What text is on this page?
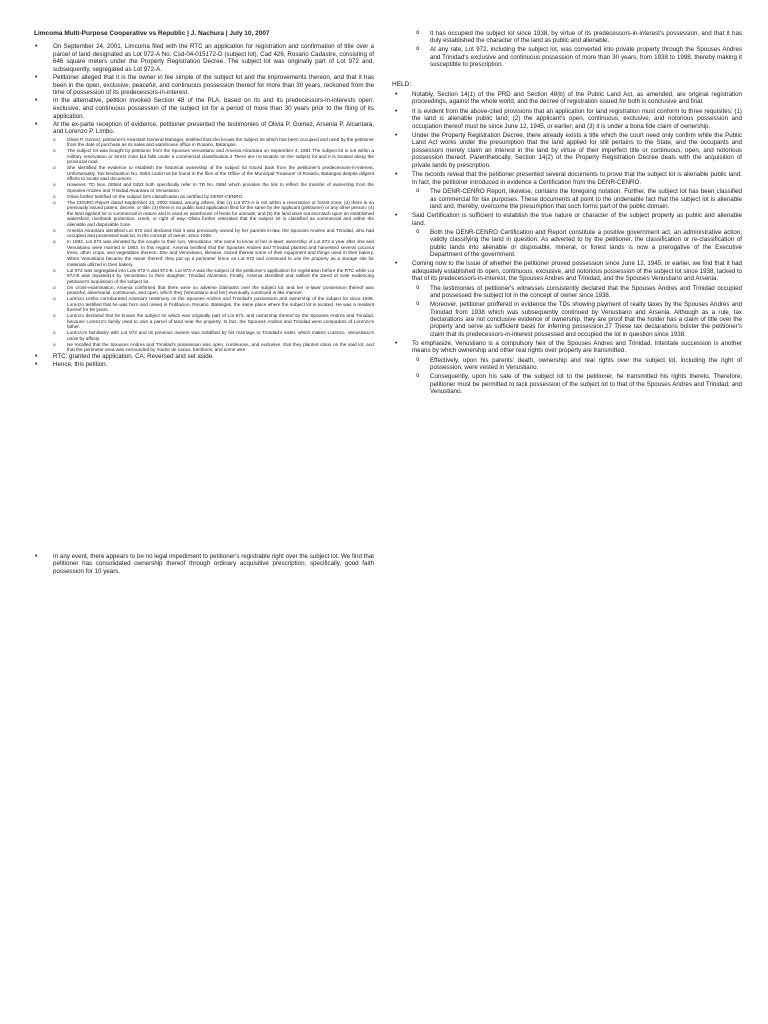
Limcoma Multi-Purpose Cooperative vs Republic | J. Nachura | July 10, 2007
• On September 24, 2001, Limcoma filed with the RTC an application for registration and confirmation of title over a parcel of land designated as Lot 972-A No. Csd-04-015172-D (subject lot), Cad 426, Rosario Cadastre, consisting of 646 square meters under the Property Registration Decree. The subject lot was originally part of Lot 972 and, subsequently, segregated as Lot 972-A.
• Petitioner alleged that it is the owner in fee simple of the subject lot and the improvements thereon, and that it has been in the open, exclusive, peaceful, and continuous possession thereof for more than 30 years, reckoned from the time of possession of its predecessors-in-interest.
• In the alternative, petition invoked Section 48 of the PLA, based on its and its predecessors-in-interests open, exclusive, and continuous possession of the subject lot for a period of more than 30 years prior to the filing of its application.
• At the ex-parte reception of evidence, petitioner presented the testimonies of Olivia P. Gomez, Arsenia P. Alcantara, and Lorenzo P. Limbo.
o Olivia P. Gomez, petitioner's Assistant General Manager, testified that she knows the subject lot which has been occupied and used by the petitioner from the date of purchase as its sales and warehouse office in Rosario, Batangas.
o The subject lot was bought by petitioner from the Spouses Venustiano and Arsenia Alcantara on September 4, 1991 The subject lot is not within a military reservation or forest zone but falls under a commercial classification.4 There are no tenants on the subject lot and it is located along the provincial road.
o She identified the evidence to establish the historical ownership of the subject lot traced back from the petitioner's predecessors-in-interest. Unfortunately, Tax Declaration No. 0884 could not be found in the files of the Office of the Municipal Treasurer of Rosario, Batangas despite diligent efforts to locate said document.
o However, TD Nos. 00584 and 0452 both specifically refer to TD No. 0884 which provides the link to reflect the transfer of ownership from the Spouses Andres and Trinidad Alcantara to Venustiano.
o Olivia further testified on the subject lot's classification as certified by DENR-CENRO.
o The CENRO Report dated September 23, 2002 stated, among others, that (1) Lot 972-A is not within a reservation or forest zone; (2) there is no previously issued patent, decree, or title; (3) there is no public land application filed for the same by the applicant (petitioner) or any other person; (4) the land applied for is commercial in nature and is used as warehouse of feeds for animals; and (5) the land does not encroach upon an established watershed, riverbank protection, creek, or right of way. Olivia further reiterated that the subject lot is classified as commercial and within the alienable and disposable zone.
o Arsenia Alcantara identified Lot 972 and declared that it was previously owned by her parents-in-law, the Spouses Andres and Trinidad, who had occupied and possessed said lot, in the concept of owner, since 1938.
o In 1982, Lot 972 was donated by the couple to their son, Venustiano. She came to know of her in-laws' ownership of Lot 972 a year after she and Venustiano were married in 1953. In this regard, Arsenia testified that the Spouses Andres and Trinidad planted and harvested several coconut trees, other crops, and vegetables thereon. She and Venustiano, likewise, stored thereat some of their equipment and things used in their bakery. When Venustiano became the owner thereof, they put up a perimeter fence on Lot 972 and continued to use the property as a storage site for materials utilized in their bakery.
o Lot 972 was segregated into Lots 972-A and 972-B. Lot 972-A was the subject of the petitioner's application for registration before the RTC while Lot 972-B was donated14 by Venustiano to their daughter, Trinidad Alcantara. Finally, Arsenia identified and ratified the Deed of Sale evidencing petitioner's acquisition of the subject lot.
o On cross-examination, Arsenia confirmed that there were no adverse claimants over the subject lot, and her in-laws' possession thereof was peaceful, adversarial, continuous, and open, which they (Venustiano and her) eventually continued in like manner.
o Lorenzo Limbo corroborated Arsenia's testimony on the Spouses Andres and Trinidad's possession and ownership of the subject lot since 1938. Lorenzo testified that he was born and raised in Poblacion, Rosario, Batangas, the same place where the subject lot is located. He was a resident thereof for 59 years.
o Lorenzo declared that he knows the subject lot which was originally part of Lot 972, and ownership thereof by the Spouses Andres and Trinidad, because Lorenzo's family used to own a parcel of land near the property. In fact, the Spouses Andres and Trinidad were compadres of Lorenzo's father.
o Lorenzo's familiarity with Lot 972 and its previous owners was solidified by his marriage to Trinidad's sister, which makes Lorenzo, Venustiano's uncle by affinity.
o He recalled that the Spouses Andres and Trinidad's possession was open, continuous, and exclusive, that they planted citrus on the said lot, and that the perimeter area was surrounded by madre de cacao, bamboos, and some wire
• RTC: granted the application. CA: Reversed and set aside.
• Hence, this petition.
• In any event, there appears to be no legal impediment to petitioner's registrable right over the subject lot. We find that petitioner has consolidated ownership thereof through ordinary acquisitive prescription, specifically, good faith possession for 10 years.
o It has occupied the subject lot since 1938, by virtue of its predecessors-in-interest's possession, and that it has duly established the character of the land as public and alienable.
o At any rate, Lot 972, including the subject lot, was converted into private property through the Spouses Andres and Trinidad's exclusive and continuous possession of more than 30 years, from 1938 to 1998, thereby making it susceptible to prescription.
HELD:
• Notably, Section 14(1) of the PRD and Section 48(b) of the Public Land Act, as amended, are original registration proceedings, against the whole world, and the decree of registration issued for both is conclusive and final.
• It is evident from the above-cited provisions that an application for land registration must conform to three requisites: (1) the land is alienable public land; (2) the applicant's open, continuous, exclusive, and notorious possession and occupation thereof must be since June 12, 1945, or earlier; and (3) it is under a bona fide claim of ownership.
• Under the Property Registration Decree, there already exists a title which the court need only confirm while the Public Land Act works under the presumption that the land applied for still pertains to the State, and the occupants and possessors merely claim an interest in the land by virtue of their imperfect title or continuous, open, and notorious possession thereof. Parenthetically, Section 14(2) of the Property Registration Decree deals with the acquisition of private lands by prescription.
• The records reveal that the petitioner presented several documents to prove that the subject lot is alienable public land. In fact, the petitioner introduced in evidence a Certification from the DENR-CENRO.
o The DENR-CENRO Report, likewise, contains the foregoing notation. Further, the subject lot has been classified as commercial for tax purposes. These documents all point to the undeniable fact that the subject lot is alienable land and, thereby, overcome the presumption that such forms part of the public domain.
• Said Certification is sufficient to establish the true nature or character of the subject property as public and alienable land.
o Both the DENR-CENRO Certification and Report constitute a positive government act, an administrative action, validly classifying the land in question. As adverted to by the petitioner, the classification or re-classification of public lands into alienable or disposable, mineral, or forest lands is now a prerogative of the Executive Department of the government.
• Coming now to the issue of whether the petitioner proved possession since June 12, 1945, or earlier, we find that it had adequately established its open, continuous, exclusive, and notorious possession of the subject lot since 1938, tacked to that of its predecessors-in-interest, the Spouses Andres and Trinidad, and the Spouses Venustiano and Arsenia.
o The testimonies of petitioner's witnesses consistently declared that the Spouses Andres and Trinidad occupied and possessed the subject lot in the concept of owner since 1938.
o Moreover, petitioner proffered in evidence the TDs showing payment of realty taxes by the Spouses Andres and Trinidad from 1938 which was subsequently continued by Venustiano and Arsenia. Although as a rule, tax declarations are not conclusive evidence of ownership, they are proof that the holder has a claim of title over the property and serve as sufficient basis for inferring possession.27 These tax declarations bolster the petitioner's claim that its predecessors-in-interest possessed and occupied the lot in question since 1938.
• To emphasize, Venustiano is a compulsory heir of the Spouses Andres and Trinidad. Intestate succession is another means by which ownership and other real rights over property are transmitted.
o Effectively, upon his parents' death, ownership and real rights over the subject lot, including the right of possession, were vested in Venustiano.
o Consequently, upon his sale of the subject lot to the petitioner, he transmitted his rights thereto. Therefore, petitioner must be permitted to tack possession of the subject lot to that of the Spouses Andres and Trinidad, and Venustiano.
